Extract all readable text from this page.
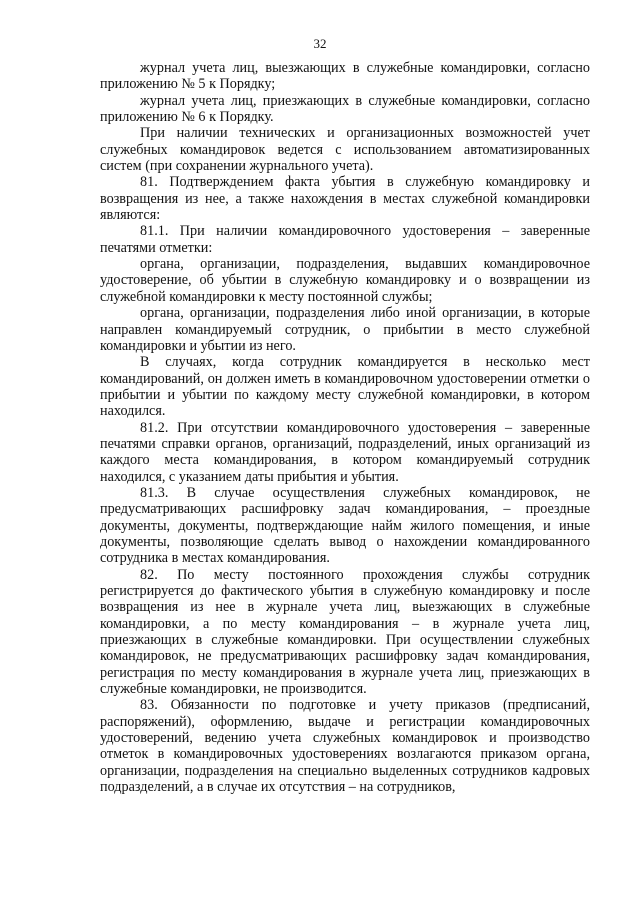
32

журнал учета лиц, выезжающих в служебные командировки, согласно приложению № 5 к Порядку;

журнал учета лиц, приезжающих в служебные командировки, согласно приложению № 6 к Порядку.

При наличии технических и организационных возможностей учет служебных командировок ведется с использованием автоматизированных систем (при сохранении журнального учета).

81. Подтверждением факта убытия в служебную командировку и возвращения из нее, а также нахождения в местах служебной командировки являются:

81.1. При наличии командировочного удостоверения – заверенные печатями отметки:

органа, организации, подразделения, выдавших командировочное удостоверение, об убытии в служебную командировку и о возвращении из служебной командировки к месту постоянной службы;

органа, организации, подразделения либо иной организации, в которые направлен командируемый сотрудник, о прибытии в место служебной командировки и убытии из него.

В случаях, когда сотрудник командируется в несколько мест командирований, он должен иметь в командировочном удостоверении отметки о прибытии и убытии по каждому месту служебной командировки, в котором находился.

81.2. При отсутствии командировочного удостоверения – заверенные печатями справки органов, организаций, подразделений, иных организаций из каждого места командирования, в котором командируемый сотрудник находился, с указанием даты прибытия и убытия.

81.3. В случае осуществления служебных командировок, не предусматривающих расшифровку задач командирования, – проездные документы, документы, подтверждающие найм жилого помещения, и иные документы, позволяющие сделать вывод о нахождении командированного сотрудника в местах командирования.

82. По месту постоянного прохождения службы сотрудник регистрируется до фактического убытия в служебную командировку и после возвращения из нее в журнале учета лиц, выезжающих в служебные командировки, а по месту командирования – в журнале учета лиц, приезжающих в служебные командировки. При осуществлении служебных командировок, не предусматривающих расшифровку задач командирования, регистрация по месту командирования в журнале учета лиц, приезжающих в служебные командировки, не производится.

83. Обязанности по подготовке и учету приказов (предписаний, распоряжений), оформлению, выдаче и регистрации командировочных удостоверений, ведению учета служебных командировок и производство отметок в командировочных удостоверениях возлагаются приказом органа, организации, подразделения на специально выделенных сотрудников кадровых подразделений, а в случае их отсутствия – на сотрудников,
